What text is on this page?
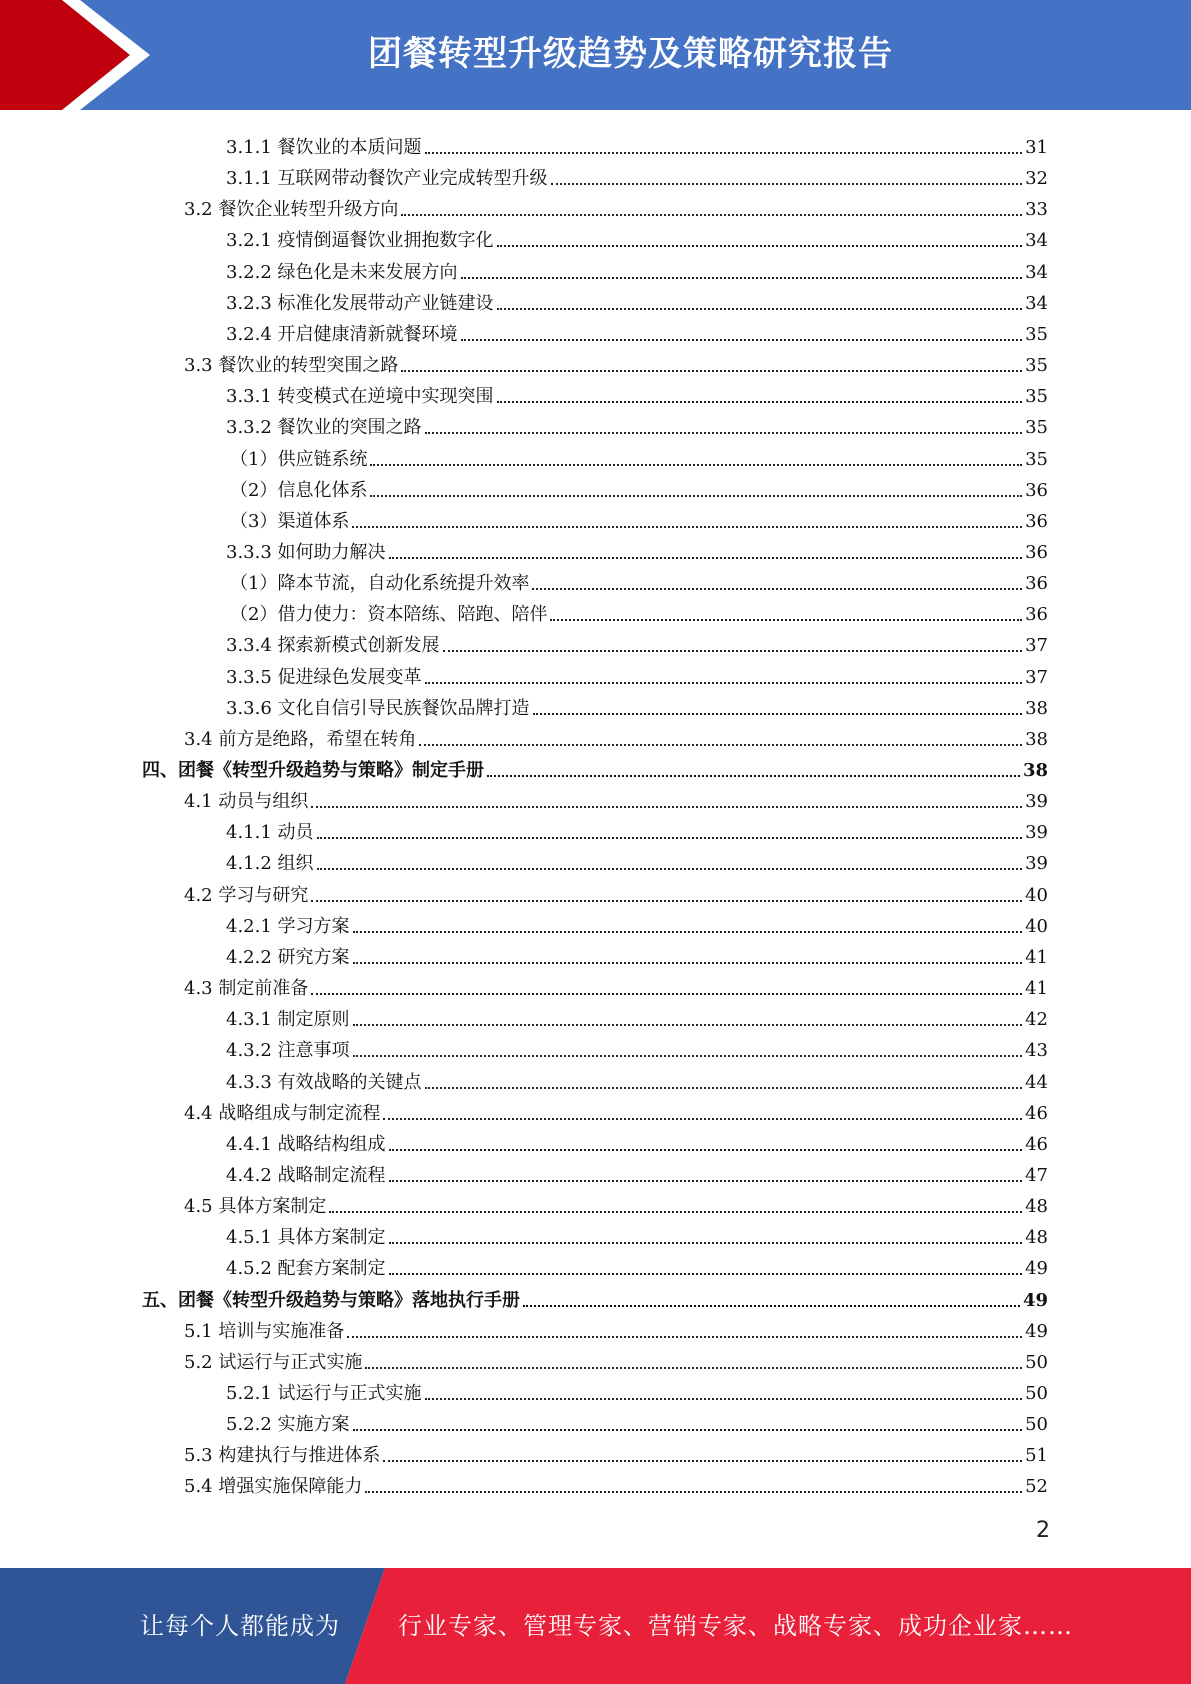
团餐转型升级趋势及策略研究报告
3.1.1 餐饮业的本质问题	31
3.1.1 互联网带动餐饮产业完成转型升级	32
3.2 餐饮企业转型升级方向	33
3.2.1 疫情倒逼餐饮业拥抱数字化	34
3.2.2 绿色化是未来发展方向	34
3.2.3 标准化发展带动产业链建设	34
3.2.4 开启健康清新就餐环境	35
3.3 餐饮业的转型突围之路	35
3.3.1 转变模式在逆境中实现突围	35
3.3.2 餐饮业的突围之路	35
（1）供应链系统	35
（2）信息化体系	36
（3）渠道体系	36
3.3.3 如何助力解决	36
（1）降本节流，自动化系统提升效率	36
（2）借力使力：资本陪练、陪跑、陪伴	36
3.3.4 探索新模式创新发展	37
3.3.5 促进绿色发展变革	37
3.3.6 文化自信引导民族餐饮品牌打造	38
3.4 前方是绝路，希望在转角	38
四、团餐《转型升级趋势与策略》制定手册	38
4.1 动员与组织	39
4.1.1 动员	39
4.1.2 组织	39
4.2 学习与研究	40
4.2.1 学习方案	40
4.2.2 研究方案	41
4.3 制定前准备	41
4.3.1 制定原则	42
4.3.2 注意事项	43
4.3.3 有效战略的关键点	44
4.4 战略组成与制定流程	46
4.4.1 战略结构组成	46
4.4.2 战略制定流程	47
4.5 具体方案制定	48
4.5.1 具体方案制定	48
4.5.2 配套方案制定	49
五、团餐《转型升级趋势与策略》落地执行手册	49
5.1 培训与实施准备	49
5.2 试运行与正式实施	50
5.2.1 试运行与正式实施	50
5.2.2 实施方案	50
5.3 构建执行与推进体系	51
5.4 增强实施保障能力	52
2
让每个人都能成为 行业专家、管理专家、营销专家、战略专家、成功企业家……
